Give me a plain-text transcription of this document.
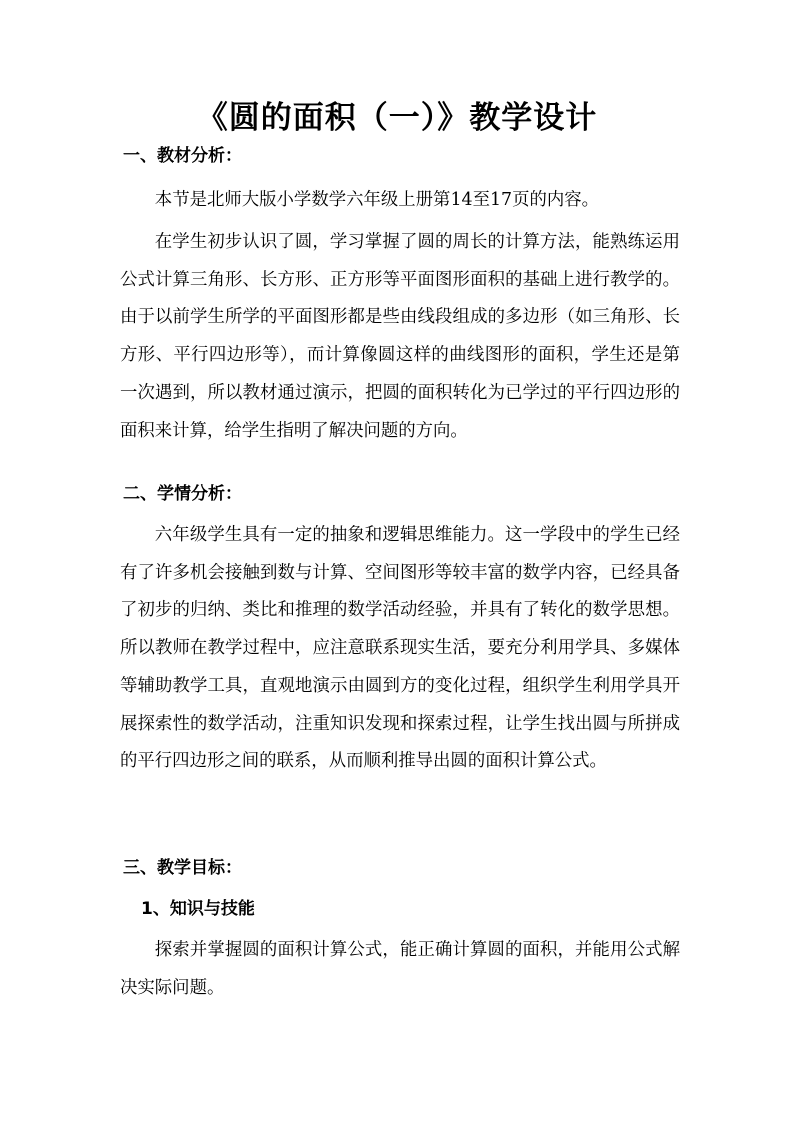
《圆的面积（一）》教学设计
一、教材分析：

本节是北师大版小学数学六年级上册第14至17页的内容。

在学生初步认识了圆，学习掌握了圆的周长的计算方法，能熟练运用公式计算三角形、长方形、正方形等平面图形面积的基础上进行教学的。由于以前学生所学的平面图形都是些由线段组成的多边形（如三角形、长方形、平行四边形等），而计算像圆这样的曲线图形的面积，学生还是第一次遇到，所以教材通过演示，把圆的面积转化为已学过的平行四边形的面积来计算，给学生指明了解决问题的方向。

二、学情分析：

六年级学生具有一定的抽象和逻辑思维能力。这一学段中的学生已经有了许多机会接触到数与计算、空间图形等较丰富的数学内容，已经具备了初步的归纳、类比和推理的数学活动经验，并具有了转化的数学思想。所以教师在教学过程中，应注意联系现实生活，要充分利用学具、多媒体等辅助教学工具，直观地演示由圆到方的变化过程，组织学生利用学具开展探索性的数学活动，注重知识发现和探索过程，让学生找出圆与所拼成的平行四边形之间的联系，从而顺利推导出圆的面积计算公式。

三、教学目标：
1、知识与技能

探索并掌握圆的面积计算公式，能正确计算圆的面积，并能用公式解决实际问题。
